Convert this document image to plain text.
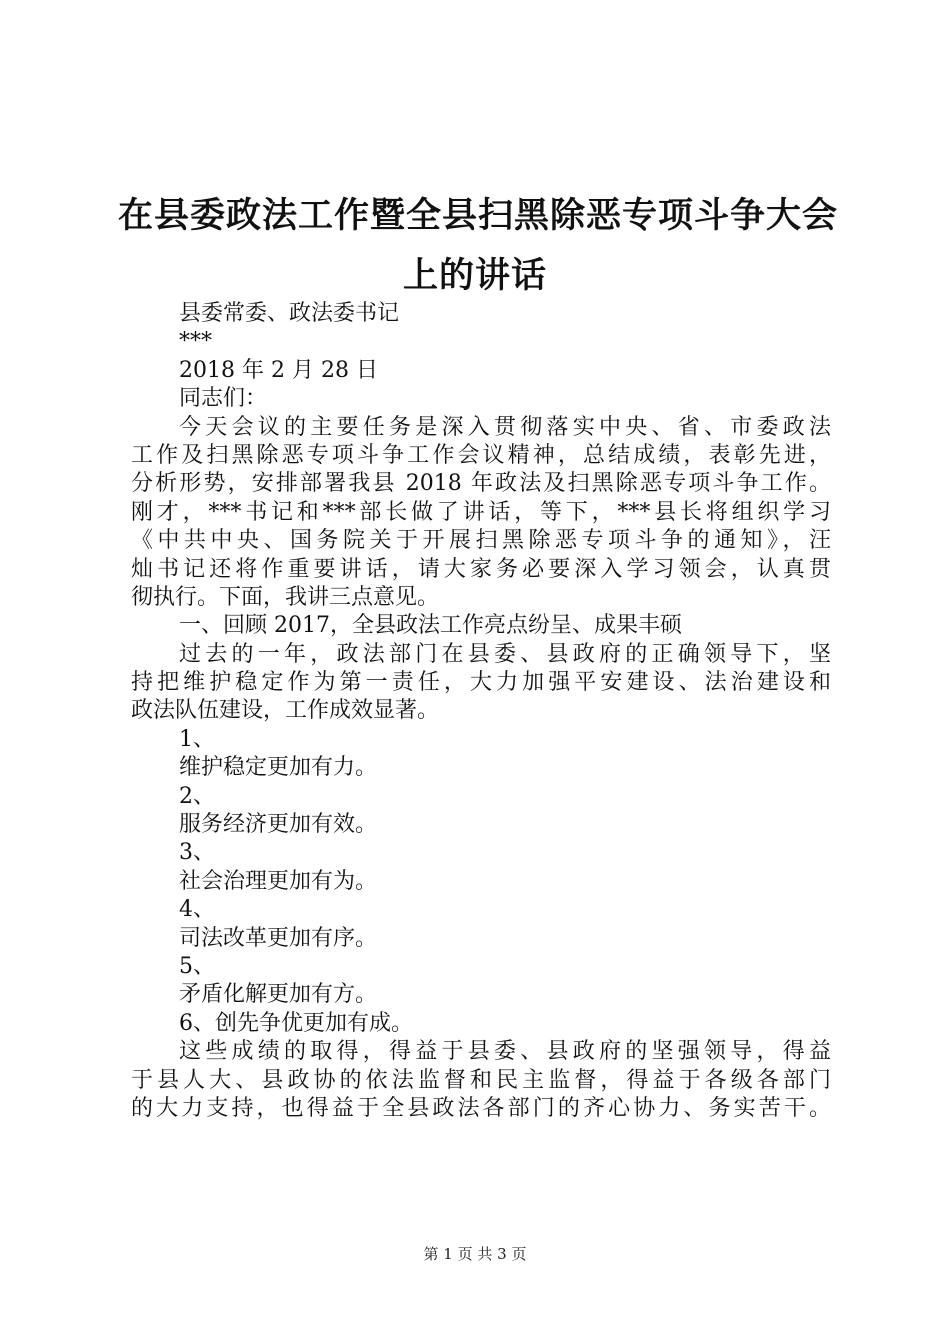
在县委政法工作暨全县扫黑除恶专项斗争大会
上的讲话
县委常委、政法委书记
***
2018 年 2 月 28 日
同志们：
今天会议的主要任务是深入贯彻落实中央、省、市委政法
工作及扫黑除恶专项斗争工作会议精神，总结成绩，表彰先进，
分析形势，安排部署我县 2018 年政法及扫黑除恶专项斗争工作。
刚才，***书记和***部长做了讲话，等下，***县长将组织学习
《中共中央、国务院关于开展扫黑除恶专项斗争的通知》，汪
灿书记还将作重要讲话，请大家务必要深入学习领会，认真贯
彻执行。下面，我讲三点意见。
一、回顾 2017，全县政法工作亮点纷呈、成果丰硕
过去的一年，政法部门在县委、县政府的正确领导下，坚
持把维护稳定作为第一责任，大力加强平安建设、法治建设和
政法队伍建设，工作成效显著。
1、
维护稳定更加有力。
2、
服务经济更加有效。
3、
社会治理更加有为。
4、
司法改革更加有序。
5、
矛盾化解更加有方。
6、创先争优更加有成。
这些成绩的取得，得益于县委、县政府的坚强领导，得益
于县人大、县政协的依法监督和民主监督，得益于各级各部门
的大力支持，也得益于全县政法各部门的齐心协力、务实苦干。
第 1 页 共 3 页
